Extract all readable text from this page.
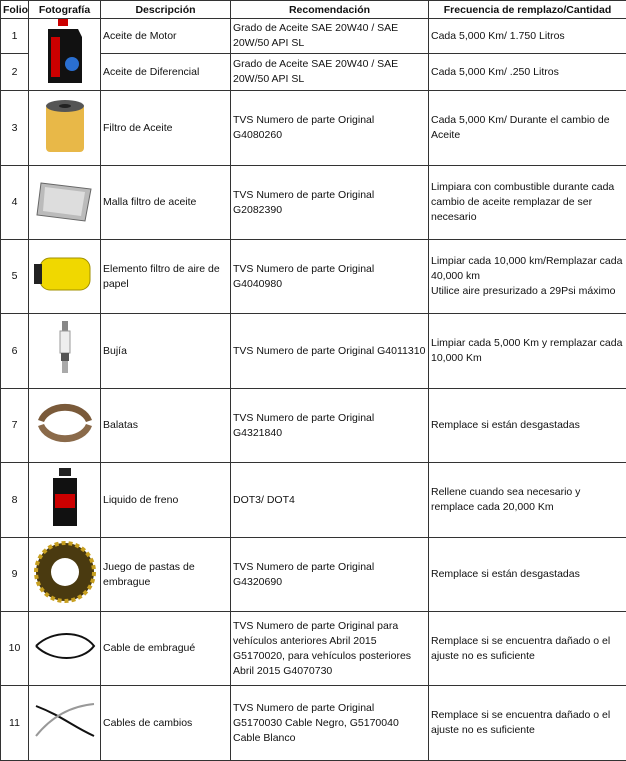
Folio	Fotografía	Descripción	Recomendación	Frecuencia de remplazo/Cantidad
1		Aceite de Motor	Grado de Aceite SAE 20W40 / SAE 20W/50 API SL	Cada 5,000 Km/ 1.750 Litros
2		Aceite de Diferencial	Grado de Aceite SAE 20W40 / SAE 20W/50 API SL	Cada 5,000 Km/ .250 Litros
3		Filtro de Aceite	TVS Numero de parte Original G4080260	Cada 5,000 Km/ Durante el cambio de Aceite
4		Malla filtro de aceite	TVS Numero de parte Original G2082390	Limpiara con combustible durante cada cambio de aceite remplazar de ser necesario
5		Elemento filtro de aire de papel	TVS Numero de parte Original G4040980	Limpiar cada 10,000 km/Remplazar cada 40,000 km
Utilice aire presurizado a 29Psi máximo
6		Bujía	TVS Numero de parte Original G4011310	Limpiar cada 5,000 Km y remplazar cada 10,000 Km
7		Balatas	TVS Numero de parte Original G4321840	Remplace si están desgastadas
8		Liquido de freno	DOT3/ DOT4	Rellene cuando sea necesario y remplace cada 20,000 Km
9		Juego de pastas de embrague	TVS Numero de parte Original G4320690	Remplace si están desgastadas
10		Cable de embragué	TVS Numero de parte Original para vehículos anteriores Abril 2015 G5170020, para vehículos posteriores Abril 2015 G4070730	Remplace si se encuentra dañado o el ajuste no es suficiente
11		Cables de cambios	TVS Numero de parte Original G5170030 Cable Negro, G5170040 Cable Blanco	Remplace si se encuentra dañado o el ajuste no es suficiente
